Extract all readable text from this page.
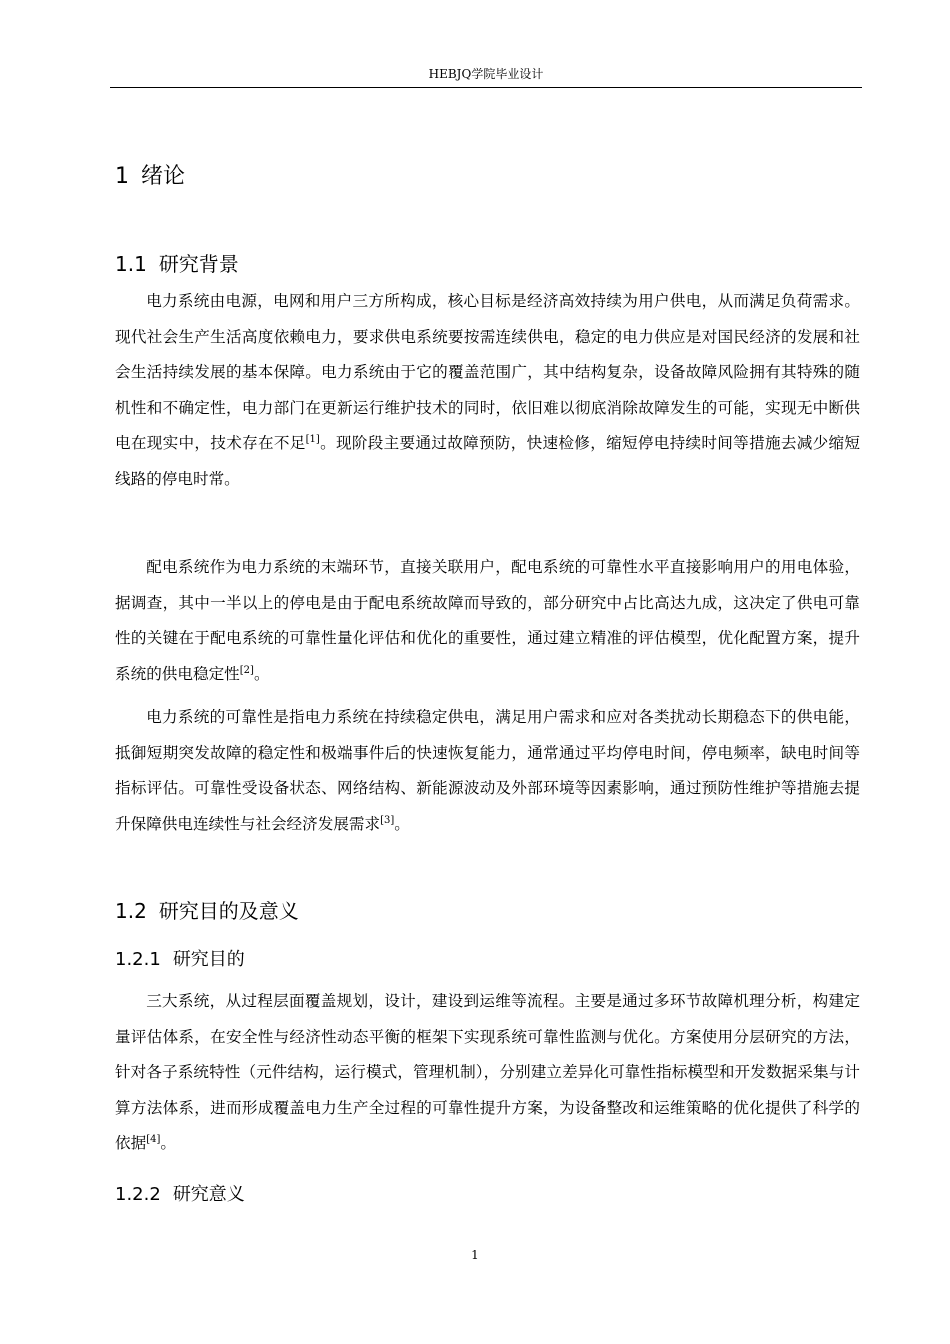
HEBJQ学院毕业设计
1 绪论
1.1 研究背景

电力系统由电源，电网和用户三方所构成，核心目标是经济高效持续为用户供电，从而满足负荷需求。现代社会生产生活高度依赖电力，要求供电系统要按需连续供电，稳定的电力供应是对国民经济的发展和社会生活持续发展的基本保障。电力系统由于它的覆盖范围广，其中结构复杂，设备故障风险拥有其特殊的随机性和不确定性，电力部门在更新运行维护技术的同时，依旧难以彻底消除故障发生的可能，实现无中断供电在现实中，技术存在不足[1]。现阶段主要通过故障预防，快速检修，缩短停电持续时间等措施去减少缩短线路的停电时常。

配电系统作为电力系统的末端环节，直接关联用户，配电系统的可靠性水平直接影响用户的用电体验，据调查，其中一半以上的停电是由于配电系统故障而导致的，部分研究中占比高达九成，这决定了供电可靠性的关键在于配电系统的可靠性量化评估和优化的重要性，通过建立精准的评估模型，优化配置方案，提升系统的供电稳定性[2]。

电力系统的可靠性是指电力系统在持续稳定供电，满足用户需求和应对各类扰动长期稳态下的供电能，抵御短期突发故障的稳定性和极端事件后的快速恢复能力，通常通过平均停电时间，停电频率，缺电时间等指标评估。可靠性受设备状态、网络结构、新能源波动及外部环境等因素影响，通过预防性维护等措施去提升保障供电连续性与社会经济发展需求[3]。

1.2 研究目的及意义
1.2.1 研究目的

三大系统，从过程层面覆盖规划，设计，建设到运维等流程。主要是通过多环节故障机理分析，构建定量评估体系，在安全性与经济性动态平衡的框架下实现系统可靠性监测与优化。方案使用分层研究的方法，针对各子系统特性（元件结构，运行模式，管理机制），分别建立差异化可靠性指标模型和开发数据采集与计算方法体系，进而形成覆盖电力生产全过程的可靠性提升方案，为设备整改和运维策略的优化提供了科学的依据[4]。

1.2.2 研究意义
1
